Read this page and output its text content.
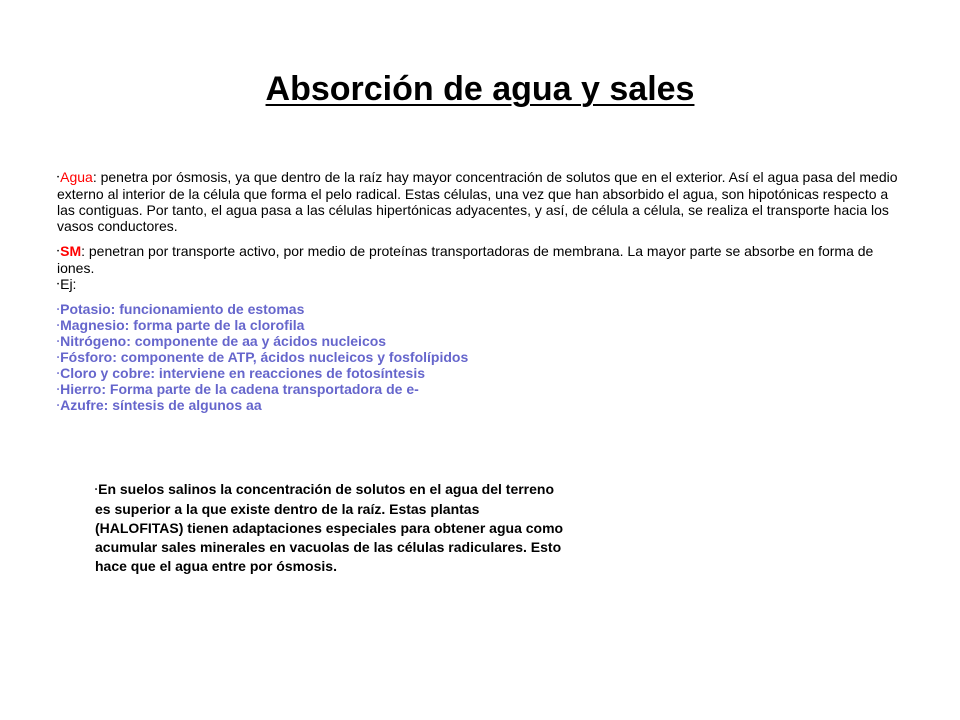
Absorción de agua y sales

•Agua: penetra por ósmosis, ya que dentro de la raíz hay mayor concentración de solutos que en el exterior. Así el agua pasa del medio externo al interior de la célula que forma el pelo radical. Estas células, una vez que han absorbido el agua, son hipotónicas respecto a las contiguas. Por tanto, el agua pasa a las células hipertónicas adyacentes, y así, de célula a célula, se realiza el transporte hacia los vasos conductores.

•SM: penetran por transporte activo, por medio de proteínas transportadoras de membrana. La mayor parte se absorbe en forma de iones.

•Ej:

•Potasio: funcionamiento de estomas

•Magnesio: forma parte de la clorofila

•Nitrógeno: componente de aa y ácidos nucleicos

•Fósforo: componente de ATP, ácidos nucleicos y fosfolípidos

•Cloro y cobre: interviene en reacciones de fotosíntesis

•Hierro: Forma parte de la cadena transportadora de e-

•Azufre: síntesis de algunos aa

•En suelos salinos la concentración de solutos en el agua del terreno es superior a la que existe dentro de la raíz. Estas plantas (HALOFITAS) tienen adaptaciones especiales para obtener agua como acumular sales minerales en vacuolas de las células radiculares. Esto hace que el agua entre por ósmosis.
